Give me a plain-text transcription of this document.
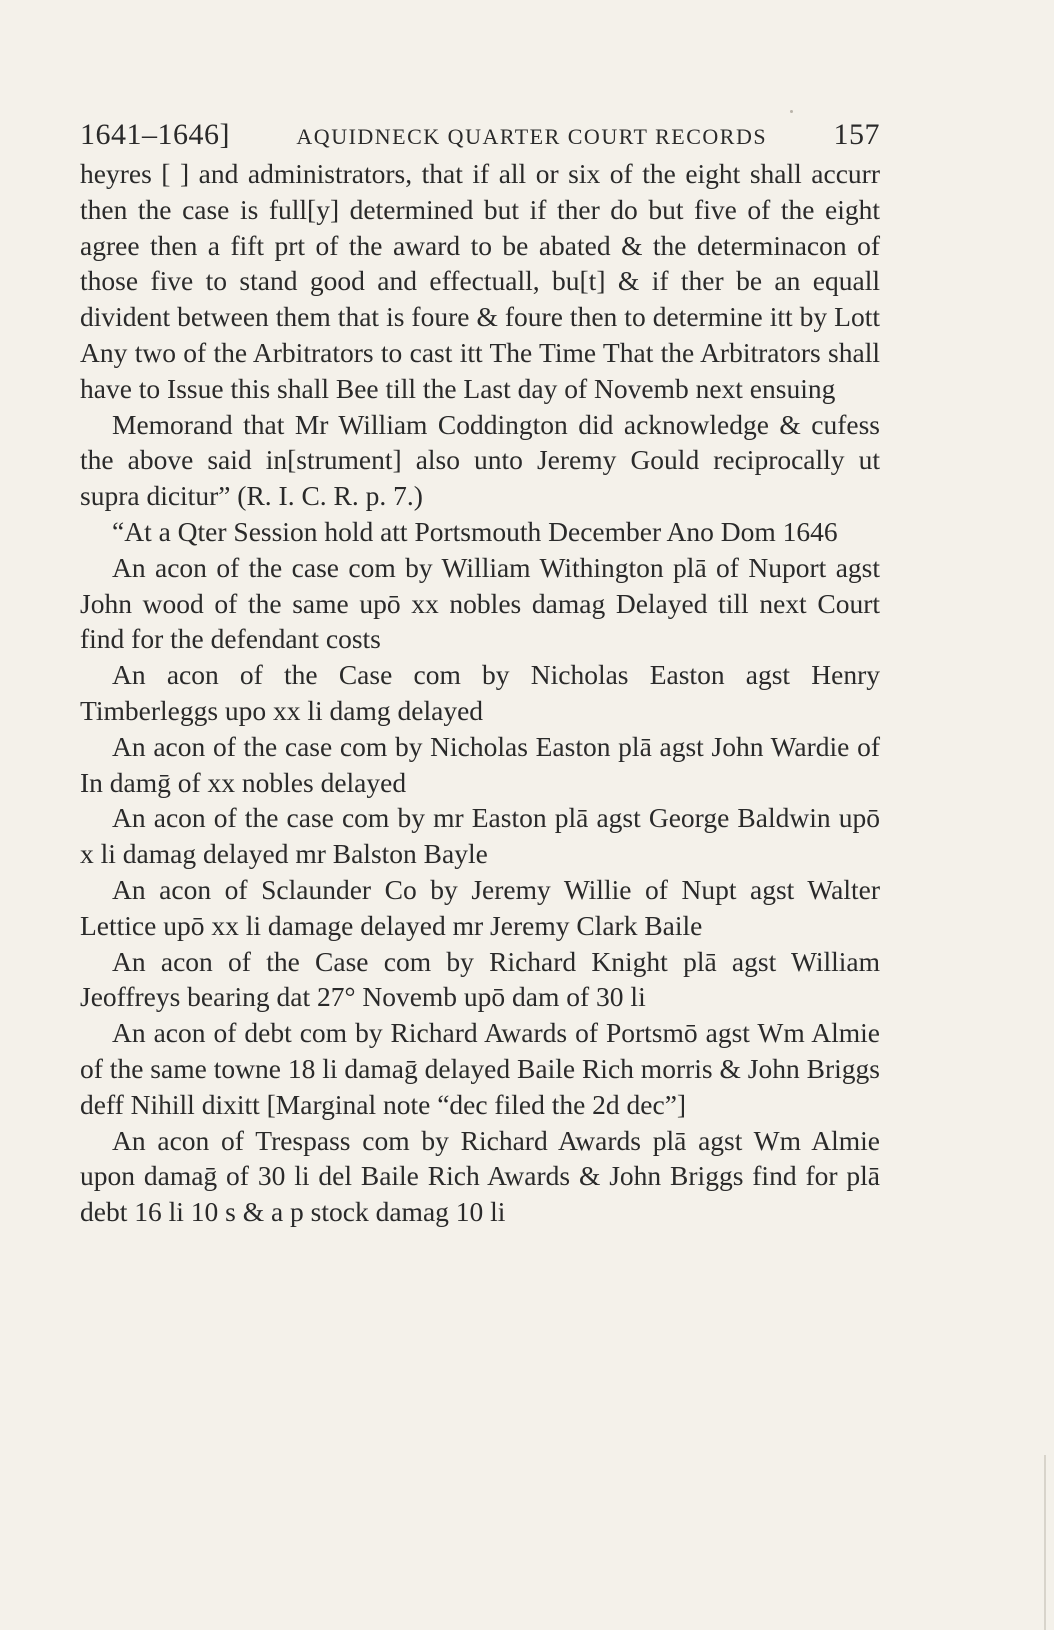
1641–1646]	AQUIDNECK QUARTER COURT RECORDS 157

heyres [ ] and administrators, that if all or six of the eight shall accurr then the case is full[y] determined but if ther do but five of the eight agree then a fift prt of the award to be abated & the determinacon of those five to stand good and effectuall, bu[t] & if ther be an equall divident between them that is foure & foure then to determine itt by Lott Any two of the Arbitrators to cast itt The Time That the Arbitrators shall have to Issue this shall Bee till the Last day of Novemb next ensuing

Memorand that Mr William Coddington did acknowledge & cufess the above said in[strument] also unto Jeremy Gould reciprocally ut supra dicitur” (R. I. C. R. p. 7.)

“At a Qter Session hold att Portsmouth December Ano Dom 1646

An acon of the case com by William Withington plā of Nuport agst John wood of the same upō xx nobles damag Delayed till next Court find for the defendant costs

An acon of the Case com by Nicholas Easton agst Henry Timberleggs upo xx li damg delayed

An acon of the case com by Nicholas Easton plā agst John Wardie of In damḡ of xx nobles delayed

An acon of the case com by mr Easton plā agst George Baldwin upō x li damag delayed mr Balston Bayle

An acon of Sclaunder Co by Jeremy Willie of Nupt agst Walter Lettice upō xx li damage delayed mr Jeremy Clark Baile

An acon of the Case com by Richard Knight plā agst William Jeoffreys bearing dat 27° Novemb upō dam of 30 li

An acon of debt com by Richard Awards of Portsmō agst Wm Almie of the same towne 18 li damaḡ delayed Baile Rich morris & John Briggs deff Nihill dixitt [Marginal note “dec filed the 2d dec”]

An acon of Trespass com by Richard Awards plā agst Wm Almie upon damaḡ of 30 li del Baile Rich Awards & John Briggs find for plā debt 16 li 10 s & a p stock damag 10 li
